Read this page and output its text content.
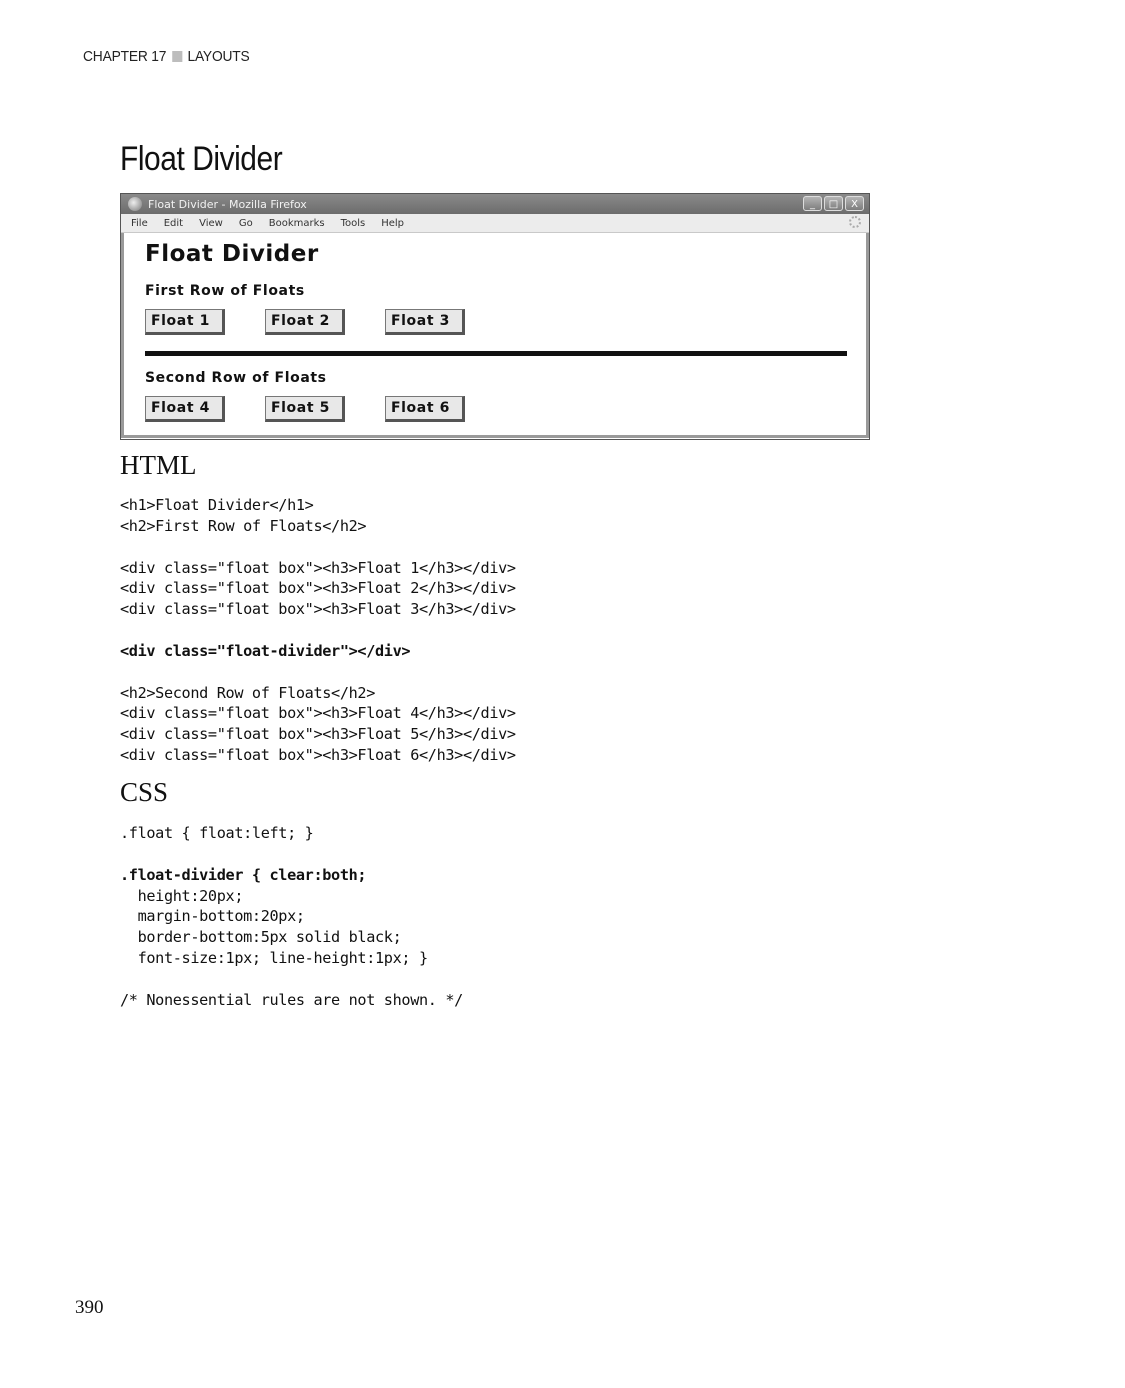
CHAPTER 17 LAYOUTS
Float Divider
Float Divider - Mozilla Firefox	_	□	X
File Edit View Go Bookmarks Tools Help
Float Divider
First Row of Floats
Float 1	Float 2	Float 3
Second Row of Floats
Float 4	Float 5	Float 6
HTML
<h1>Float Divider</h1>
<h2>First Row of Floats</h2>
<div class="float box"><h3>Float 1</h3></div>
<div class="float box"><h3>Float 2</h3></div>
<div class="float box"><h3>Float 3</h3></div>
<div class="float-divider"></div>
<h2>Second Row of Floats</h2>
<div class="float box"><h3>Float 4</h3></div>
<div class="float box"><h3>Float 5</h3></div>
<div class="float box"><h3>Float 6</h3></div>
CSS
.float { float:left; }
.float-divider { clear:both;
height:20px;
margin-bottom:20px;
border-bottom:5px solid black;
font-size:1px; line-height:1px; }
/* Nonessential rules are not shown. */
390
